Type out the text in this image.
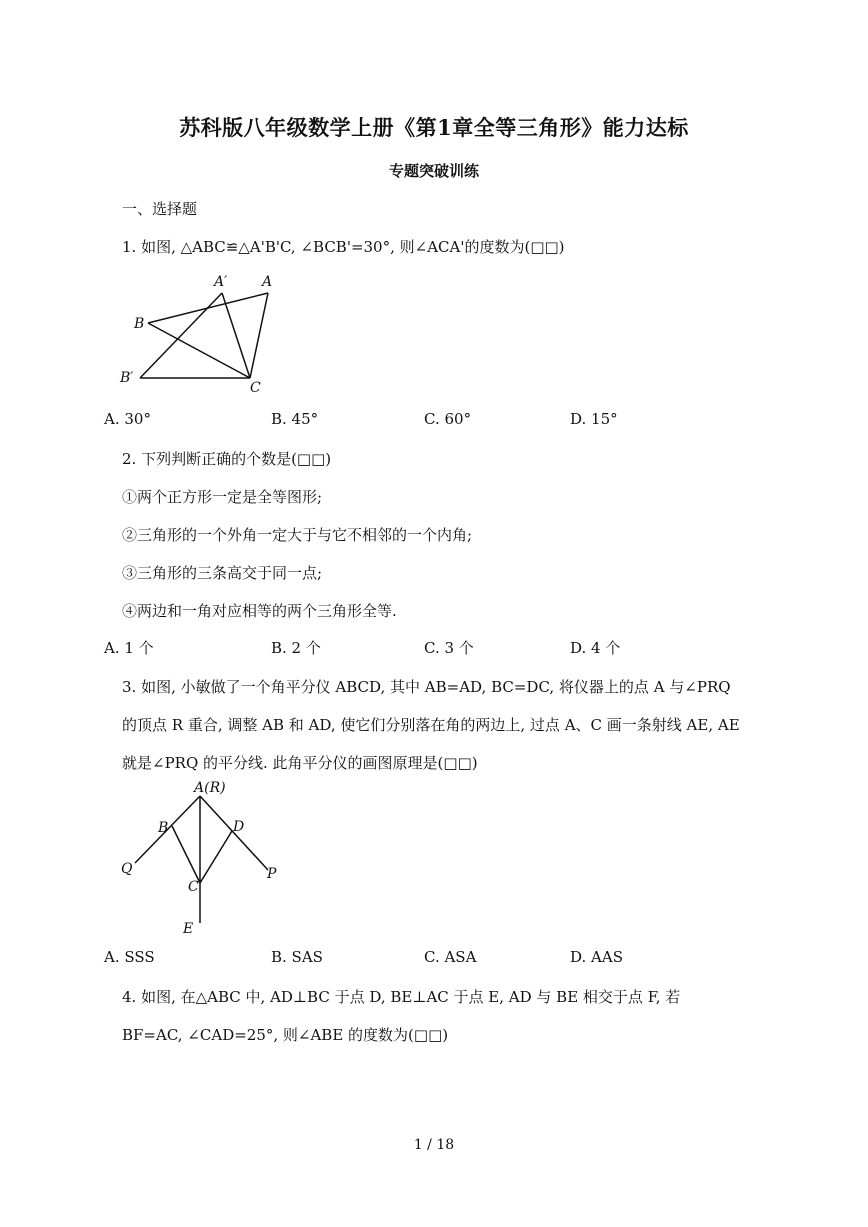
苏科版八年级数学上册《第1章全等三角形》能力达标
专题突破训练
一、选择题
1. 如图, △ABC≌△A'B'C, ∠BCB'=30°, 则∠ACA'的度数为(□□)
A′ A
B
B′
C
A. 30°	B. 45°	C. 60°	D. 15°
2. 下列判断正确的个数是(□□)
①两个正方形一定是全等图形;
②三角形的一个外角一定大于与它不相邻的一个内角;
③三角形的三条高交于同一点;
④两边和一角对应相等的两个三角形全等.
A. 1 个	B. 2 个	C. 3 个	D. 4 个
3. 如图, 小敏做了一个角平分仪 ABCD, 其中 AB=AD, BC=DC, 将仪器上的点 A 与∠PRQ
的顶点 R 重合, 调整 AB 和 AD, 使它们分别落在角的两边上, 过点 A、C 画一条射线 AE, AE
就是∠PRQ 的平分线. 此角平分仪的画图原理是(□□)
A(R)
B	D
Q	P
C
E
A. SSS	B. SAS	C. ASA	D. AAS
4. 如图, 在△ABC 中, AD⊥BC 于点 D, BE⊥AC 于点 E, AD 与 BE 相交于点 F, 若
BF=AC, ∠CAD=25°, 则∠ABE 的度数为(□□)
1 / 18
